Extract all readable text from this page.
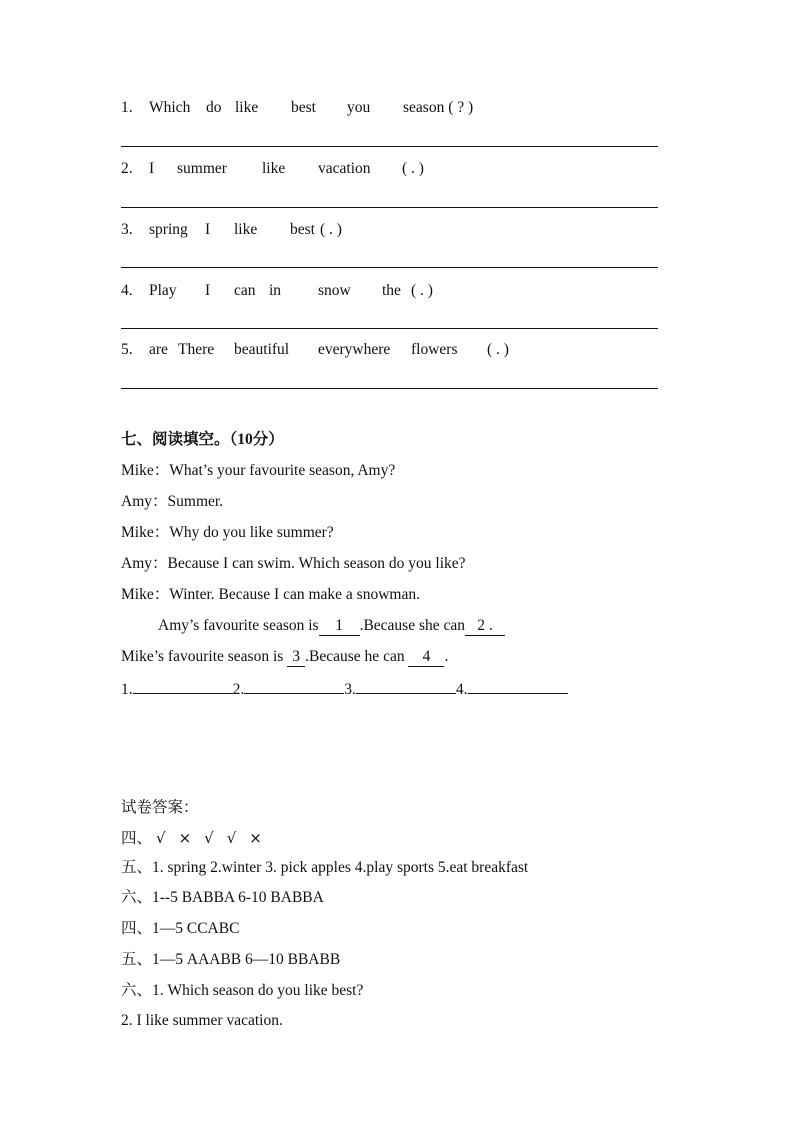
1. Which do like best you season ( ? )
2. I summer like vacation ( . )
3. spring I like best ( . )
4. Play I can in snow the ( . )
5. are There beautiful everywhere flowers ( . )
七、阅读填空。（10分）
Mike：What’s your favourite season, Amy?
Amy：Summer.
Mike：Why do you like summer?
Amy：Because I can swim. Which season do you like?
Mike：Winter. Because I can make a snowman.
Amy’s favourite season is 1 .Because she can 2 .
Mike’s favourite season is 3 .Because he can 4 .
1.	2.	3.	4.
试卷答案：
四、 √ × √ √ ×
五、1. spring 2.winter 3. pick apples 4.play sports 5.eat breakfast
六、1--5 BABBA 6-10 BABBA
四、1—5 CCABC
五、1—5 AAABB 6—10 BBABB
六、1. Which season do you like best?
2. I like summer vacation.
